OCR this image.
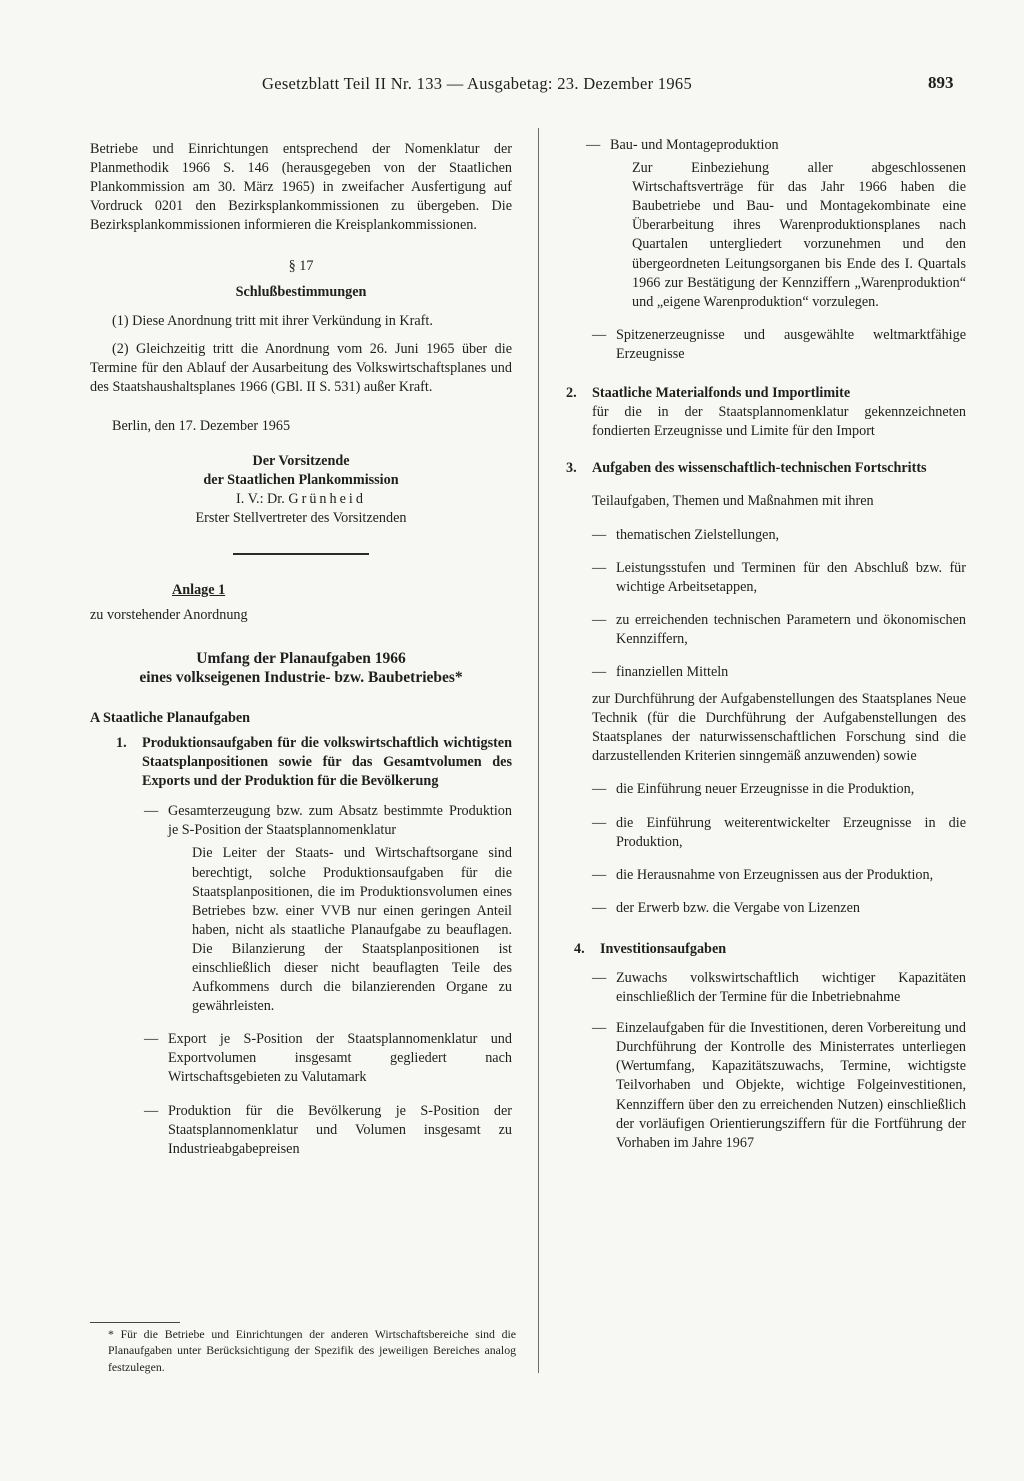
Gesetzblatt Teil II Nr. 133 — Ausgabetag: 23. Dezember 1965	893

Betriebe und Einrichtungen entsprechend der Nomenklatur der Planmethodik 1966 S. 146 (herausgegeben von der Staatlichen Plankommission am 30. März 1965) in zweifacher Ausfertigung auf Vordruck 0201 den Bezirksplankommissionen zu übergeben. Die Bezirksplankommissionen informieren die Kreisplankommissionen.

§ 17

Schlußbestimmungen

(1) Diese Anordnung tritt mit ihrer Verkündung in Kraft.

(2) Gleichzeitig tritt die Anordnung vom 26. Juni 1965 über die Termine für den Ablauf der Ausarbeitung des Volkswirtschaftsplanes und des Staatshaushaltsplanes 1966 (GBl. II S. 531) außer Kraft.

Berlin, den 17. Dezember 1965

Der Vorsitzende

der Staatlichen Plankommission

I. V.: Dr. Grünheid

Erster Stellvertreter des Vorsitzenden

Anlage 1

zu vorstehender Anordnung

Umfang der Planaufgaben 1966

eines volkseigenen Industrie- bzw. Baubetriebes*

A Staatliche Planaufgaben

1. Produktionsaufgaben für die volkswirtschaftlich wichtigsten Staatsplanpositionen sowie für das Gesamtvolumen des Exports und der Produktion für die Bevölkerung

— Gesamterzeugung bzw. zum Absatz bestimmte Produktion je S-Position der Staatsplannomenklatur

Die Leiter der Staats- und Wirtschaftsorgane sind berechtigt, solche Produktionsaufgaben für die Staatsplanpositionen, die im Produktionsvolumen eines Betriebes bzw. einer VVB nur einen geringen Anteil haben, nicht als staatliche Planaufgabe zu beauflagen. Die Bilanzierung der Staatsplanpositionen ist einschließlich dieser nicht beauflagten Teile des Aufkommens durch die bilanzierenden Organe zu gewährleisten.

— Export je S-Position der Staatsplannomenklatur und Exportvolumen insgesamt gegliedert nach Wirtschaftsgebieten zu Valutamark

— Produktion für die Bevölkerung je S-Position der Staatsplannomenklatur und Volumen insgesamt zu Industrieabgabepreisen

* Für die Betriebe und Einrichtungen der anderen Wirtschaftsbereiche sind die Planaufgaben unter Berücksichtigung der Spezifik des jeweiligen Bereiches analog festzulegen.

— Bau- und Montageproduktion

Zur Einbeziehung aller abgeschlossenen Wirtschaftsverträge für das Jahr 1966 haben die Baubetriebe und Bau- und Montagekombinate eine Überarbeitung ihres Warenproduktionsplanes nach Quartalen untergliedert vorzunehmen und den übergeordneten Leitungsorganen bis Ende des I. Quartals 1966 zur Bestätigung der Kennziffern „Warenproduktion“ und „eigene Warenproduktion“ vorzulegen.

— Spitzenerzeugnisse und ausgewählte weltmarktfähige Erzeugnisse

2. Staatliche Materialfonds und Importlimite

für die in der Staatsplannomenklatur gekennzeichneten fondierten Erzeugnisse und Limite für den Import

3. Aufgaben des wissenschaftlich-technischen Fortschritts

Teilaufgaben, Themen und Maßnahmen mit ihren

— thematischen Zielstellungen,

— Leistungsstufen und Terminen für den Abschluß bzw. für wichtige Arbeitsetappen,

— zu erreichenden technischen Parametern und ökonomischen Kennziffern,

— finanziellen Mitteln

zur Durchführung der Aufgabenstellungen des Staatsplanes Neue Technik (für die Durchführung der Aufgabenstellungen des Staatsplanes der naturwissenschaftlichen Forschung sind die darzustellenden Kriterien sinngemäß anzuwenden) sowie

— die Einführung neuer Erzeugnisse in die Produktion,

— die Einführung weiterentwickelter Erzeugnisse in die Produktion,

— die Herausnahme von Erzeugnissen aus der Produktion,

— der Erwerb bzw. die Vergabe von Lizenzen

4. Investitionsaufgaben

— Zuwachs volkswirtschaftlich wichtiger Kapazitäten einschließlich der Termine für die Inbetriebnahme

— Einzelaufgaben für die Investitionen, deren Vorbereitung und Durchführung der Kontrolle des Ministerrates unterliegen (Wertumfang, Kapazitätszuwachs, Termine, wichtigste Teilvorhaben und Objekte, wichtige Folgeinvestitionen, Kennziffern über den zu erreichenden Nutzen) einschließlich der vorläufigen Orientierungsziffern für die Fortführung der Vorhaben im Jahre 1967
